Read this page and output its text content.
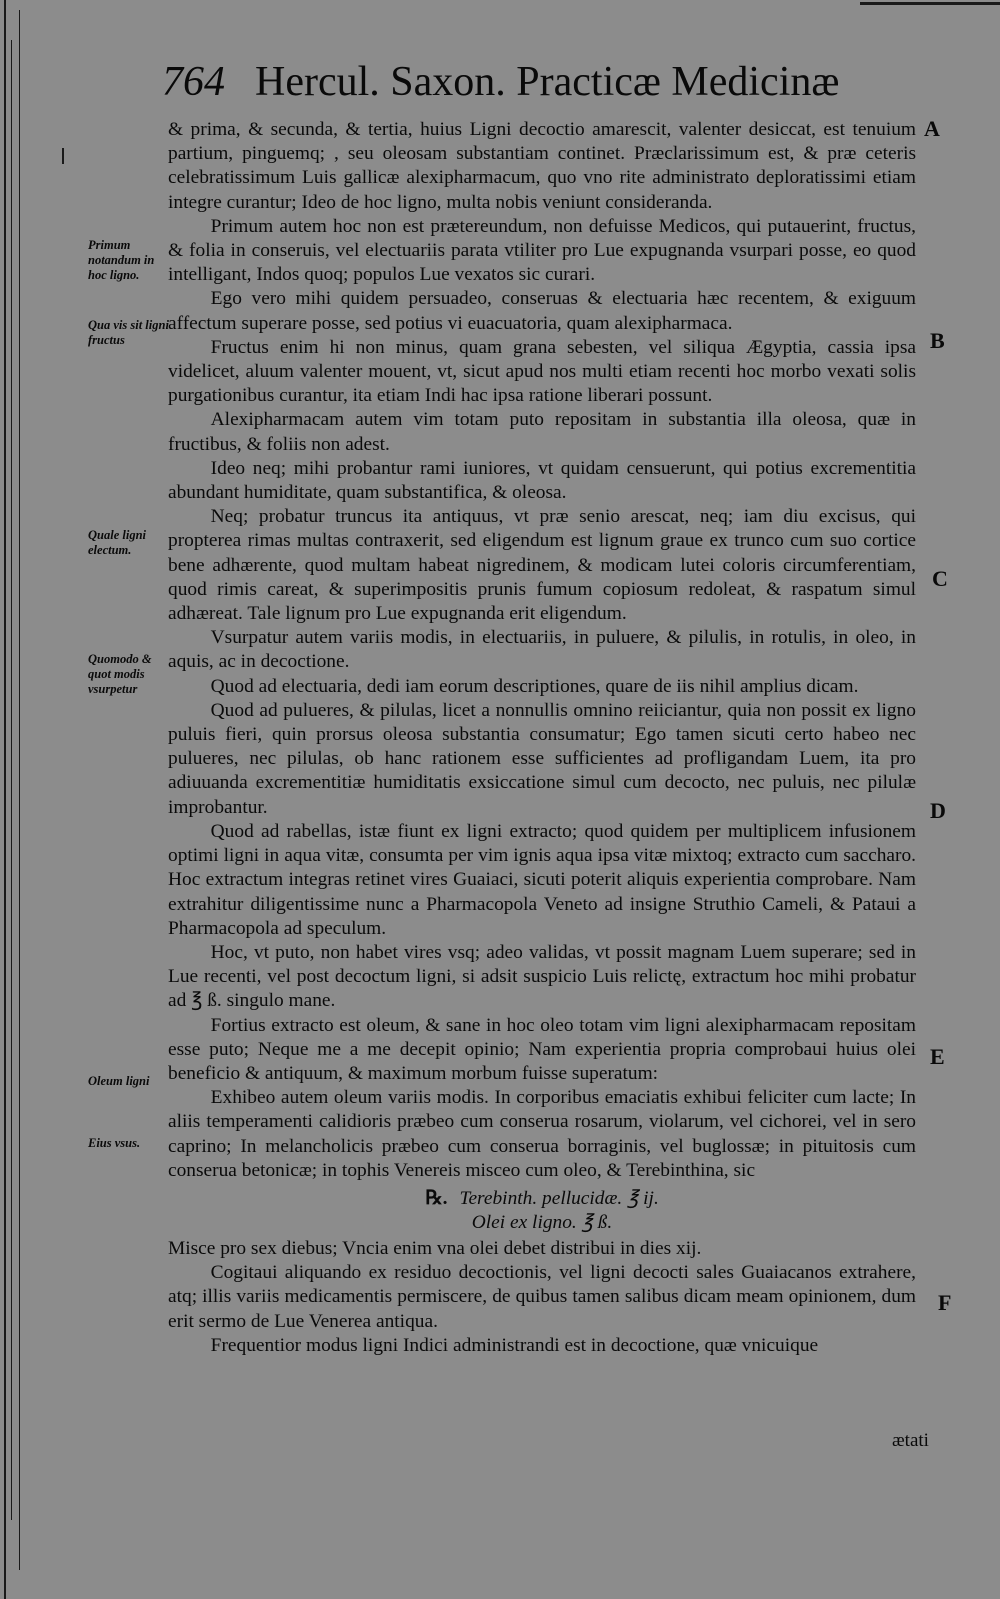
764 Hercul. Saxon. Practicæ Medicinæ

& prima, & secunda, & tertia, huius Ligni decoctio amarescit, valenter desiccat, est tenuium partium, pinguemq; , seu oleosam substantiam continet. Præclarissimum est, & præ ceteris celebratissimum Luis gallicæ alexipharmacum, quo vno rite administrato deploratissimi etiam integre curantur; Ideo de hoc ligno, multa nobis veniunt consideranda.

Primum autem hoc non est prætereundum, non defuisse Medicos, qui putauerint, fructus, & folia in conseruis, vel electuariis parata vtiliter pro Lue expugnanda vsurpari posse, eo quod intelligant, Indos quoq; populos Lue vexatos sic curari.

Ego vero mihi quidem persuadeo, conseruas & electuaria hæc recentem, & exiguum affectum superare posse, sed potius vi euacuatoria, quam alexipharmaca.

Fructus enim hi non minus, quam grana sebesten, vel siliqua Ægyptia, cassia ipsa videlicet, aluum valenter mouent, vt, sicut apud nos multi etiam recenti hoc morbo vexati solis purgationibus curantur, ita etiam Indi hac ipsa ratione liberari possunt.

Alexipharmacam autem vim totam puto repositam in substantia illa oleosa, quæ in fructibus, & foliis non adest.

Ideo neq; mihi probantur rami iuniores, vt quidam censuerunt, qui potius excrementitia abundant humiditate, quam substantifica, & oleosa.

Neq; probatur truncus ita antiquus, vt præ senio arescat, neq; iam diu excisus, qui propterea rimas multas contraxerit, sed eligendum est lignum graue ex trunco cum suo cortice bene adhærente, quod multam habeat nigredinem, & modicam lutei coloris circumferentiam, quod rimis careat, & superimpositis prunis fumum copiosum redoleat, & raspatum simul adhæreat. Tale lignum pro Lue expugnanda erit eligendum.

Vsurpatur autem variis modis, in electuariis, in puluere, & pilulis, in rotulis, in oleo, in aquis, ac in decoctione.

Quod ad electuaria, dedi iam eorum descriptiones, quare de iis nihil amplius dicam.

Quod ad pulueres, & pilulas, licet a nonnullis omnino reiiciantur, quia non possit ex ligno puluis fieri, quin prorsus oleosa substantia consumatur; Ego tamen sicuti certo habeo nec pulueres, nec pilulas, ob hanc rationem esse sufficientes ad profligandam Luem, ita pro adiuuanda excrementitiæ humiditatis exsiccatione simul cum decocto, nec puluis, nec pilulæ improbantur.

Quod ad rabellas, istæ fiunt ex ligni extracto; quod quidem per multiplicem infusionem optimi ligni in aqua vitæ, consumta per vim ignis aqua ipsa vitæ mixtoq; extracto cum saccharo. Hoc extractum integras retinet vires Guaiaci, sicuti poterit aliquis experientia comprobare. Nam extrahitur diligentissime nunc a Pharmacopola Veneto ad insigne Struthio Cameli, & Pataui a Pharmacopola ad speculum.

Hoc, vt puto, non habet vires vsq; adeo validas, vt possit magnam Luem superare; sed in Lue recenti, vel post decoctum ligni, si adsit suspicio Luis relictę, extractum hoc mihi probatur ad ℥ ß. singulo mane.

Fortius extracto est oleum, & sane in hoc oleo totam vim ligni alexipharmacam repositam esse puto; Neque me a me decepit opinio; Nam experientia propria comprobaui huius olei beneficio & antiquum, & maximum morbum fuisse superatum:

Exhibeo autem oleum variis modis. In corporibus emaciatis exhibui feliciter cum lacte; In aliis temperamenti calidioris præbeo cum conserua rosarum, violarum, vel cichorei, vel in sero caprino; In melancholicis præbeo cum conserua borraginis, vel buglossæ; in pituitosis cum conserua betonicæ; in tophis Venereis misceo cum oleo, & Terebinthina, sic

℞. Terebinth. pellucidæ. ℥ ij.
Olei ex ligno. ℥ ß.

Misce pro sex diebus; Vncia enim vna olei debet distribui in dies xij.

Cogitaui aliquando ex residuo decoctionis, vel ligni decocti sales Guaiacanos extrahere, atq; illis variis medicamentis permiscere, de quibus tamen salibus dicam meam opinionem, dum erit sermo de Lue Venerea antiqua.

Frequentior modus ligni Indici administrandi est in decoctione, quæ vnicuique

ætati
Primum notandum in hoc ligno.
Qua vis sit ligni fructus
Quale ligni electum.
Quomodo & quot modis vsurpetur
Oleum ligni
Eius vsus.
A
B
C
D
E
F
